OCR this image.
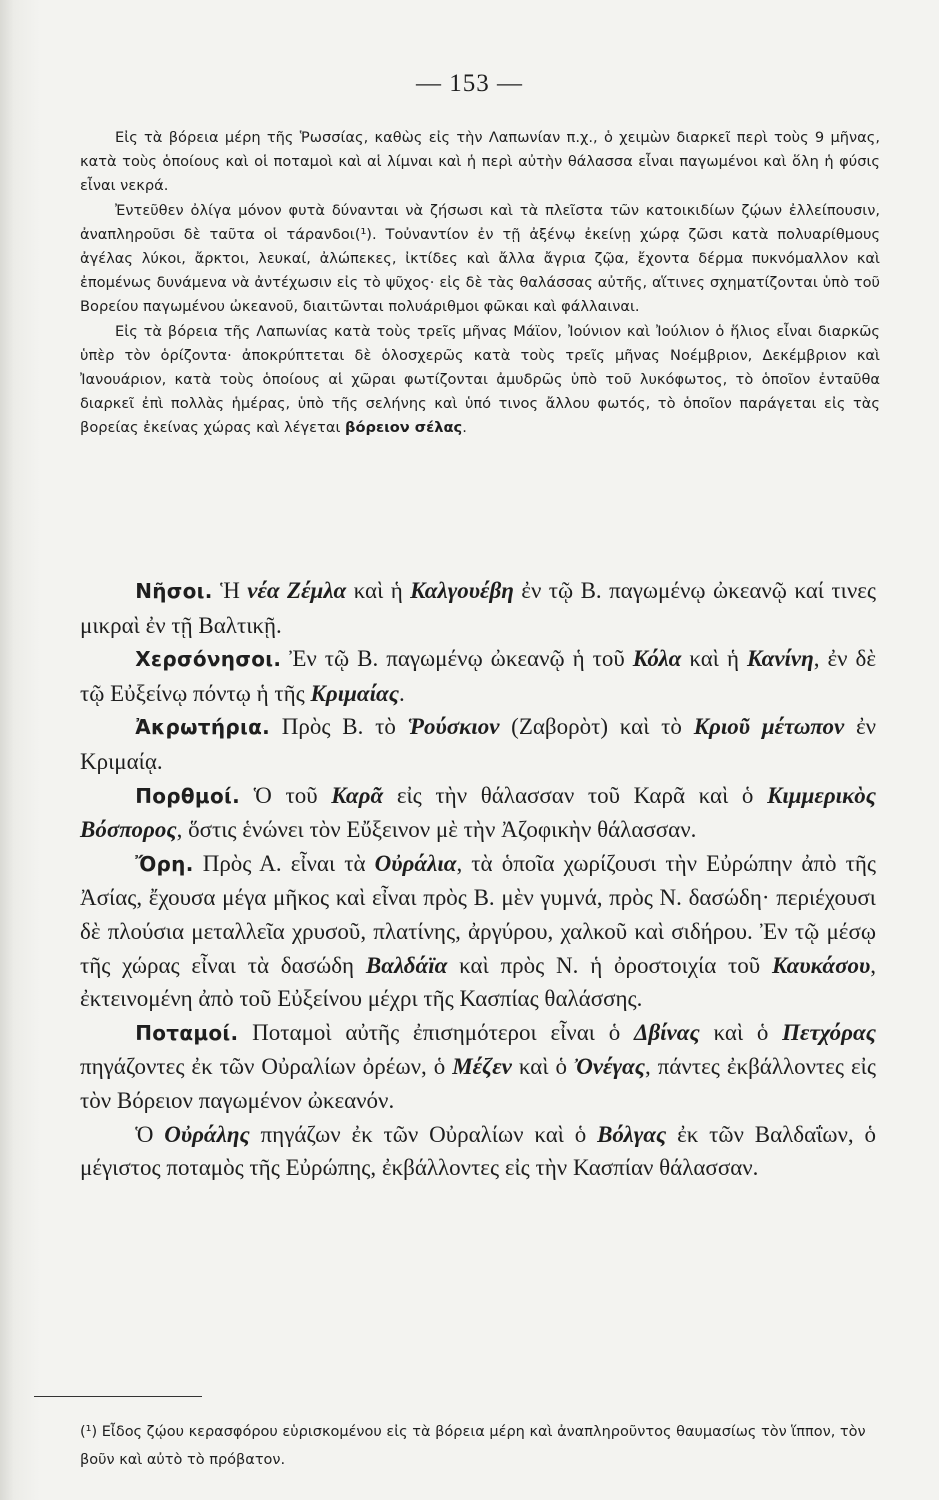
— 153 —

Εἰς τὰ βόρεια μέρη τῆς Ῥωσσίας, καθὼς εἰς τὴν Λαπωνίαν π.χ., ὁ χειμὼν διαρκεῖ περὶ τοὺς 9 μῆνας, κατὰ τοὺς ὁποίους καὶ οἱ ποταμοὶ καὶ αἱ λίμναι καὶ ἡ περὶ αὐτὴν θάλασσα εἶναι παγωμένοι καὶ ὅλη ἡ φύσις εἶναι νεκρά.

Ἐντεῦθεν ὀλίγα μόνον φυτὰ δύνανται νὰ ζήσωσι καὶ τὰ πλεῖστα τῶν κατοικιδίων ζῴων ἐλλείπουσιν, ἀναπληροῦσι δὲ ταῦτα οἱ τάρανδοι(¹). Τοὐναντίον ἐν τῇ ἀξένῳ ἐκείνῃ χώρᾳ ζῶσι κατὰ πολυαρίθμους ἀγέλας λύκοι, ἄρκτοι, λευκαί, ἀλώπεκες, ἰκτίδες καὶ ἄλλα ἄγρια ζῷα, ἔχοντα δέρμα πυκνόμαλλον καὶ ἐπομένως δυνάμενα νὰ ἀντέχωσιν εἰς τὸ ψῦχος· εἰς δὲ τὰς θαλάσσας αὐτῆς, αἵτινες σχηματίζονται ὑπὸ τοῦ Βορείου παγωμένου ὠκεανοῦ, διαιτῶνται πολυάριθμοι φῶκαι καὶ φάλλαιναι.

Εἰς τὰ βόρεια τῆς Λαπωνίας κατὰ τοὺς τρεῖς μῆνας Μάϊον, Ἰούνιον καὶ Ἰούλιον ὁ ἥλιος εἶναι διαρκῶς ὑπὲρ τὸν ὁρίζοντα· ἀποκρύπτεται δὲ ὁλοσχερῶς κατὰ τοὺς τρεῖς μῆνας Νοέμβριον, Δεκέμβριον καὶ Ἰανουάριον, κατὰ τοὺς ὁποίους αἱ χῶραι φωτίζονται ἀμυδρῶς ὑπὸ τοῦ λυκόφωτος, τὸ ὁποῖον ἐνταῦθα διαρκεῖ ἐπὶ πολλὰς ἡμέρας, ὑπὸ τῆς σελήνης καὶ ὑπό τινος ἄλλου φωτός, τὸ ὁποῖον παράγεται εἰς τὰς βορείας ἐκείνας χώρας καὶ λέγεται βόρειον σέλας.

Νῆσοι. Ἡ νέα Ζέμλα καὶ ἡ Καλγουέβη ἐν τῷ Β. παγωμένῳ ὠκεανῷ καί τινες μικραὶ ἐν τῇ Βαλτικῇ.

Χερσόνησοι. Ἐν τῷ Β. παγωμένῳ ὠκεανῷ ἡ τοῦ Κόλα καὶ ἡ Κανίνη, ἐν δὲ τῷ Εὐξείνῳ πόντῳ ἡ τῆς Κριμαίας.

Ἀκρωτήρια. Πρὸς Β. τὸ Ῥούσκιον (Ζαβορὸτ) καὶ τὸ Κριοῦ μέτωπον ἐν Κριμαίᾳ.

Πορθμοί. Ὁ τοῦ Καρᾶ εἰς τὴν θάλασσαν τοῦ Καρᾶ καὶ ὁ Κιμμερικὸς Βόσπορος, ὅστις ἑνώνει τὸν Εὔξεινον μὲ τὴν Ἀζοφικὴν θάλασσαν.

Ὄρη. Πρὸς Α. εἶναι τὰ Οὐράλια, τὰ ὁποῖα χωρίζουσι τὴν Εὐρώπην ἀπὸ τῆς Ἀσίας, ἔχουσα μέγα μῆκος καὶ εἶναι πρὸς Β. μὲν γυμνά, πρὸς Ν. δασώδη· περιέχουσι δὲ πλούσια μεταλλεῖα χρυσοῦ, πλατίνης, ἀργύρου, χαλκοῦ καὶ σιδήρου. Ἐν τῷ μέσῳ τῆς χώρας εἶναι τὰ δασώδη Βαλδάϊα καὶ πρὸς Ν. ἡ ὀροστοιχία τοῦ Καυκάσου, ἐκτεινομένη ἀπὸ τοῦ Εὐξείνου μέχρι τῆς Κασπίας θαλάσσης.

Ποταμοί. Ποταμοὶ αὐτῆς ἐπισημότεροι εἶναι ὁ Δβίνας καὶ ὁ Πετχόρας πηγάζοντες ἐκ τῶν Οὐραλίων ὀρέων, ὁ Μέζεν καὶ ὁ Ὀνέγας, πάντες ἐκβάλλοντες εἰς τὸν Βόρειον παγωμένον ὠκεανόν.

Ὁ Οὐράλης πηγάζων ἐκ τῶν Οὐραλίων καὶ ὁ Βόλγας ἐκ τῶν Βαλδαΐων, ὁ μέγιστος ποταμὸς τῆς Εὐρώπης, ἐκβάλλοντες εἰς τὴν Κασπίαν θάλασσαν.

(¹) Εἶδος ζῴου κερασφόρου εὑρισκομένου εἰς τὰ βόρεια μέρη καὶ ἀναπληροῦντος θαυμασίως τὸν ἵππον, τὸν βοῦν καὶ αὐτὸ τὸ πρόβατον.
